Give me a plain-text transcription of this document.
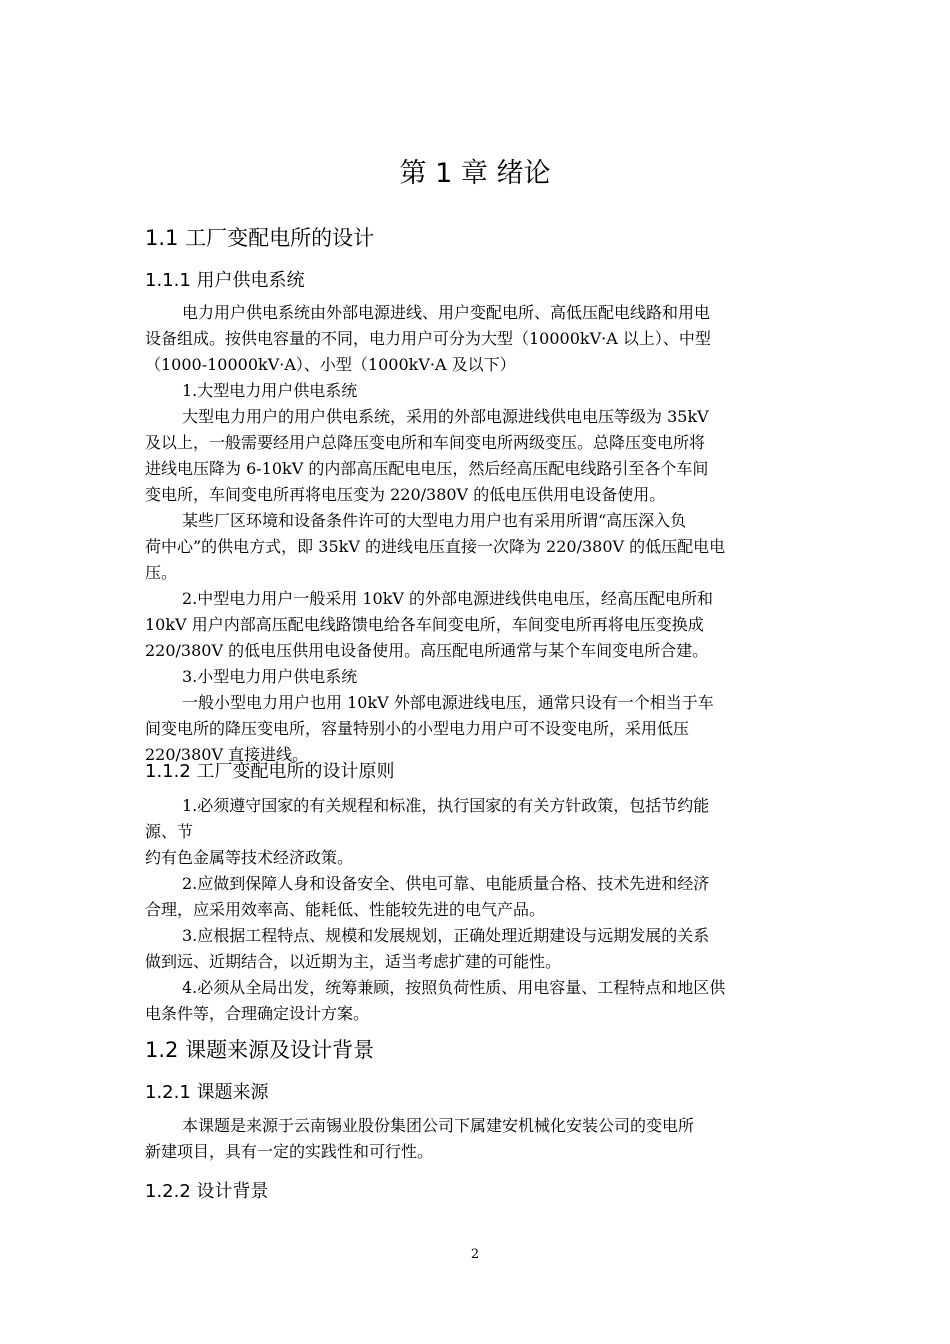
第 1 章 绪论
1.1 工厂变配电所的设计
1.1.1 用户供电系统
电力用户供电系统由外部电源进线、用户变配电所、高低压配电线路和用电
设备组成。按供电容量的不同，电力用户可分为大型（10000kV·A 以上）、中型
（1000-10000kV·A）、小型（1000kV·A 及以下）
1.大型电力用户供电系统
大型电力用户的用户供电系统，采用的外部电源进线供电电压等级为 35kV
及以上，一般需要经用户总降压变电所和车间变电所两级变压。总降压变电所将
进线电压降为 6-10kV 的内部高压配电电压，然后经高压配电线路引至各个车间
变电所，车间变电所再将电压变为 220/380V 的低电压供用电设备使用。
某些厂区环境和设备条件许可的大型电力用户也有采用所谓“高压深入负
荷中心”的供电方式，即 35kV 的进线电压直接一次降为 220/380V 的低压配电电
压。
2.中型电力用户一般采用 10kV 的外部电源进线供电电压，经高压配电所和
10kV 用户内部高压配电线路馈电给各车间变电所，车间变电所再将电压变换成
220/380V 的低电压供用电设备使用。高压配电所通常与某个车间变电所合建。
3.小型电力用户供电系统
一般小型电力用户也用 10kV 外部电源进线电压，通常只设有一个相当于车
间变电所的降压变电所，容量特别小的小型电力用户可不设变电所，采用低压
220/380V 直接进线。
1.1.2 工厂变配电所的设计原则
1.必须遵守国家的有关规程和标准，执行国家的有关方针政策，包括节约能
源、节
约有色金属等技术经济政策。
2.应做到保障人身和设备安全、供电可靠、电能质量合格、技术先进和经济
合理，应采用效率高、能耗低、性能较先进的电气产品。
3.应根据工程特点、规模和发展规划，正确处理近期建设与远期发展的关系
做到远、近期结合，以近期为主，适当考虑扩建的可能性。
4.必须从全局出发，统筹兼顾，按照负荷性质、用电容量、工程特点和地区供
电条件等，合理确定设计方案。
1.2 课题来源及设计背景
1.2.1 课题来源
本课题是来源于云南锡业股份集团公司下属建安机械化安装公司的变电所
新建项目，具有一定的实践性和可行性。
1.2.2 设计背景
2
